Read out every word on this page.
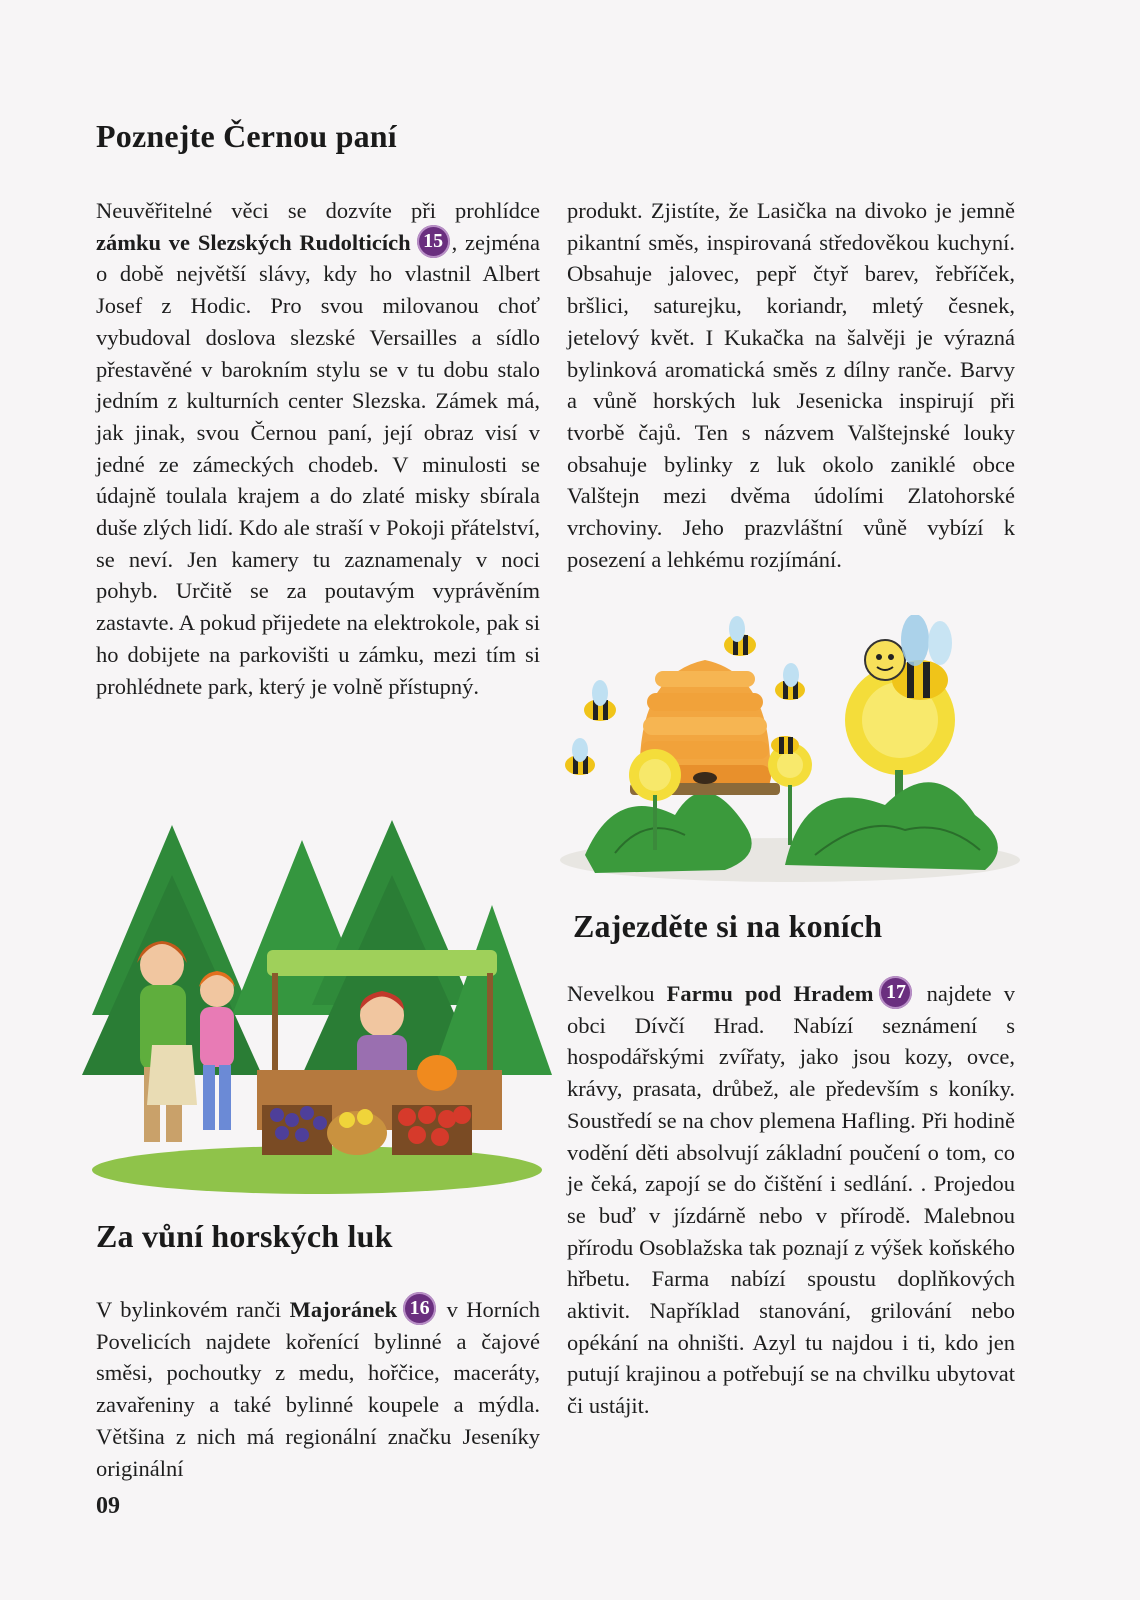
Poznejte Černou paní

Neuvěřitelné věci se dozvíte při prohlídce zámku ve Slezských Rudolticích 15 , zejména o době největší slávy, kdy ho vlastnil Albert Josef z Hodic. Pro svou milovanou choť vybudoval doslova slezské Versailles a sídlo přestavěné v barokním stylu se v tu dobu stalo jedním z kulturních center Slezska. Zámek má, jak jinak, svou Černou paní, její obraz visí v jedné ze zámeckých chodeb. V minulosti se údajně toulala krajem a do zlaté misky sbírala duše zlých lidí. Kdo ale straší v Pokoji přátelství, se neví. Jen kamery tu zaznamenaly v noci pohyb. Určitě se za poutavým vyprávěním zastavte. A pokud přijedete na elektrokole, pak si ho dobijete na parkovišti u zámku, mezi tím si prohlédnete park, který je volně přístupný.

produkt. Zjistíte, že Lasička na divoko je jemně pikantní směs, inspirovaná středověkou kuchyní. Obsahuje jalovec, pepř čtyř barev, řebříček, bršlici, saturejku, koriandr, mletý česnek, jetelový květ. I Kukačka na šalvěji je výrazná bylinková aromatická směs z dílny ranče. Barvy a vůně horských luk Jesenicka inspirují při tvorbě čajů. Ten s názvem Valštejnské louky obsahuje bylinky z luk okolo zaniklé obce Valštejn mezi dvěma údolími Zlatohorské vrchoviny. Jeho prazvláštní vůně vybízí k posezení a lehkému rozjímání.

Zajezděte si na koních

Nevelkou Farmu pod Hradem 17 najdete v obci Dívčí Hrad. Nabízí seznámení s hospodářskými zvířaty, jako jsou kozy, ovce, krávy, prasata, drůbež, ale především s koníky. Soustředí se na chov plemena Hafling. Při hodině vodění děti absolvují základní poučení o tom, co je čeká, zapojí se do čištění i sedlání. . Projedou se buď v jízdárně nebo v přírodě. Malebnou přírodu Osoblažska tak poznají z výšek koňského hřbetu. Farma nabízí spoustu doplňkových aktivit. Například stanování, grilování nebo opékání na ohništi. Azyl tu najdou i ti, kdo jen putují krajinou a potřebují se na chvilku ubytovat či ustájit.

Za vůní horských luk

V bylinkovém ranči Majoránek 16 v Horních Povelicích najdete kořenící bylinné a čajové směsi, pochoutky z medu, hořčice, maceráty, zavařeniny a také bylinné koupele a mýdla. Většina z nich má regionální značku Jeseníky originální

09
